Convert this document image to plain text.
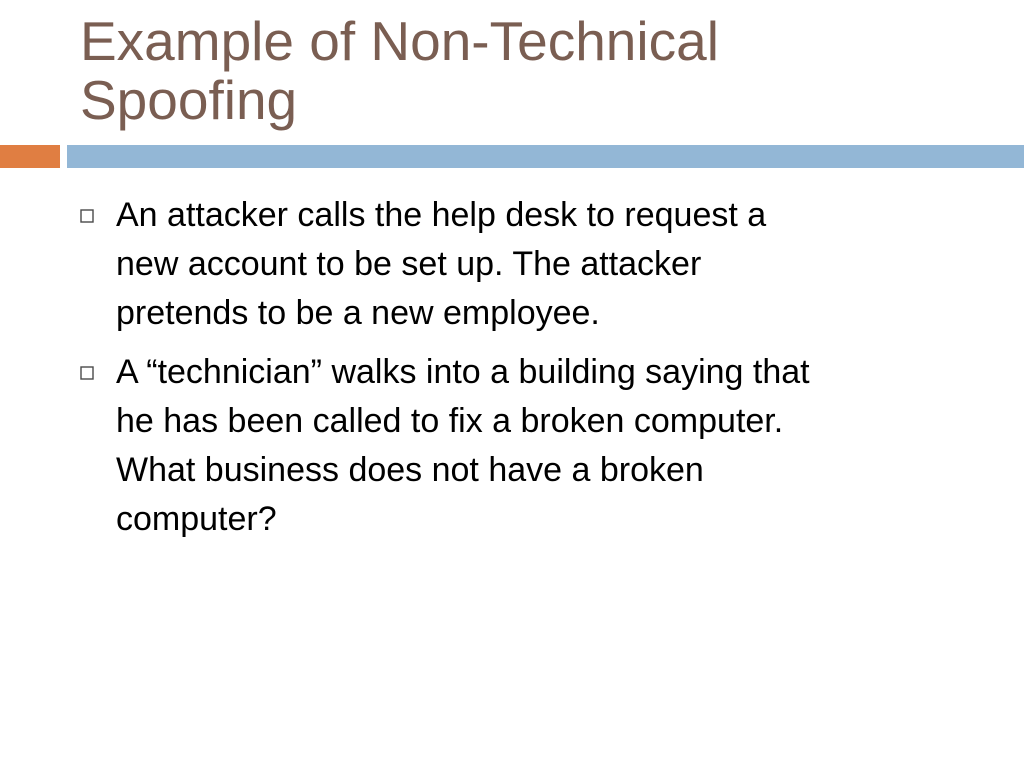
Example of Non-Technical
Spoofing
An attacker calls the help desk to request a
new account to be set up. The attacker
pretends to be a new employee.
A “technician” walks into a building saying that
he has been called to fix a broken computer.
What business does not have a broken
computer?
